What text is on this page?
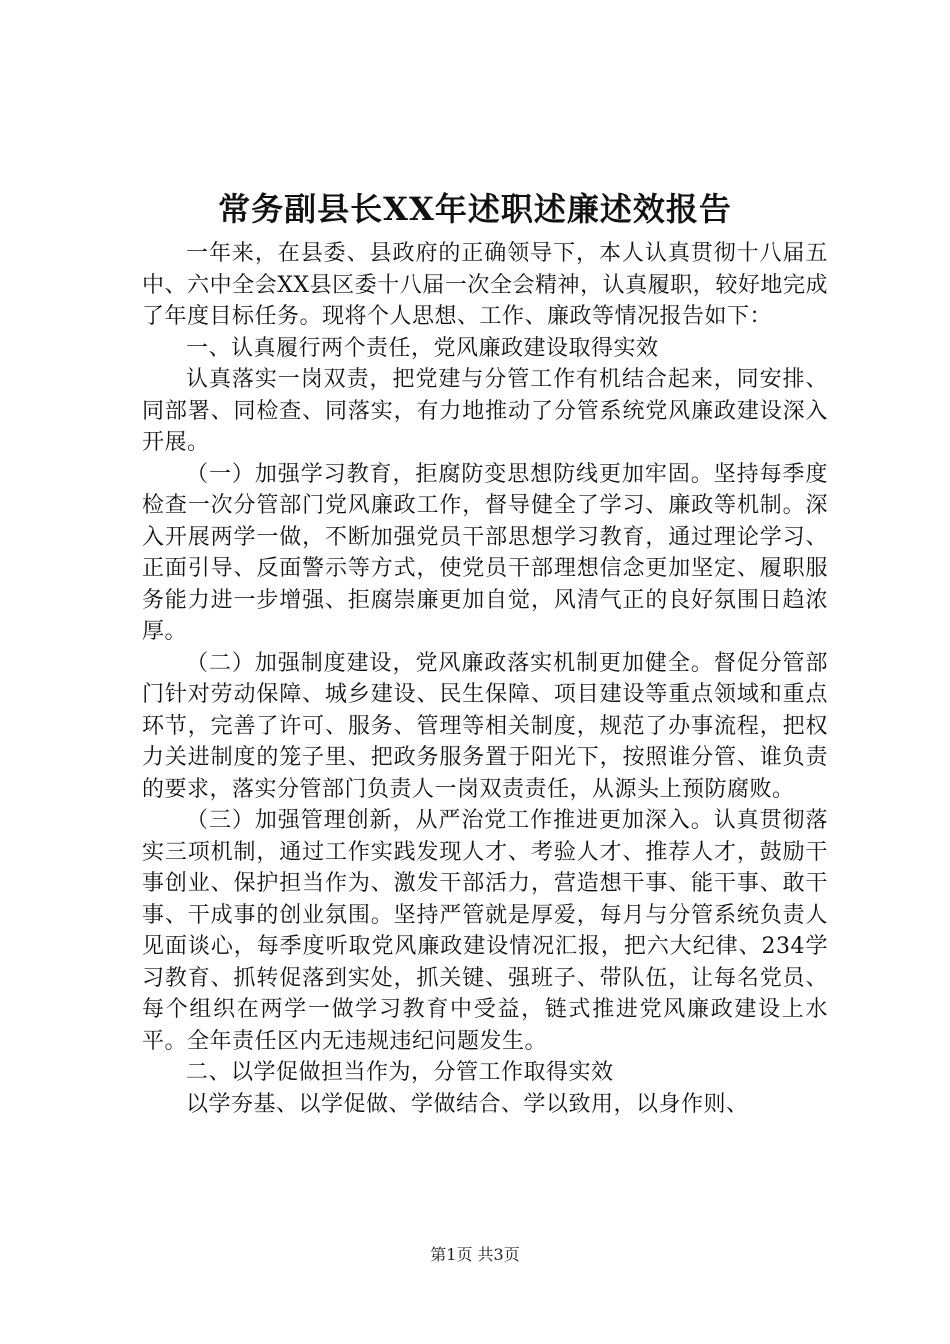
常务副县长XX年述职述廉述效报告

一年来，在县委、县政府的正确领导下，本人认真贯彻十八届五中、六中全会XX县区委十八届一次全会精神，认真履职，较好地完成了年度目标任务。现将个人思想、工作、廉政等情况报告如下：

一、认真履行两个责任，党风廉政建设取得实效

认真落实一岗双责，把党建与分管工作有机结合起来，同安排、同部署、同检查、同落实，有力地推动了分管系统党风廉政建设深入开展。

（一）加强学习教育，拒腐防变思想防线更加牢固。坚持每季度检查一次分管部门党风廉政工作，督导健全了学习、廉政等机制。深入开展两学一做，不断加强党员干部思想学习教育，通过理论学习、正面引导、反面警示等方式，使党员干部理想信念更加坚定、履职服务能力进一步增强、拒腐崇廉更加自觉，风清气正的良好氛围日趋浓厚。

（二）加强制度建设，党风廉政落实机制更加健全。督促分管部门针对劳动保障、城乡建设、民生保障、项目建设等重点领域和重点环节，完善了许可、服务、管理等相关制度，规范了办事流程，把权力关进制度的笼子里、把政务服务置于阳光下，按照谁分管、谁负责的要求，落实分管部门负责人一岗双责责任，从源头上预防腐败。

（三）加强管理创新，从严治党工作推进更加深入。认真贯彻落实三项机制，通过工作实践发现人才、考验人才、推荐人才，鼓励干事创业、保护担当作为、激发干部活力，营造想干事、能干事、敢干事、干成事的创业氛围。坚持严管就是厚爱，每月与分管系统负责人见面谈心，每季度听取党风廉政建设情况汇报，把六大纪律、234学习教育、抓转促落到实处，抓关键、强班子、带队伍，让每名党员、每个组织在两学一做学习教育中受益，链式推进党风廉政建设上水平。全年责任区内无违规违纪问题发生。

二、以学促做担当作为，分管工作取得实效

以学夯基、以学促做、学做结合、学以致用，以身作则、

第1页 共3页
